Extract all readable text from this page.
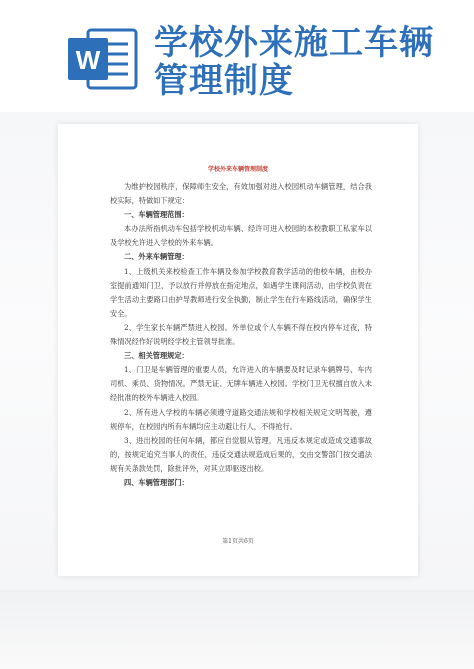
W 学校外来施工车辆
管理制度
学校外来车辆管理制度

为维护校园秩序，保障师生安全，有效加强对进入校园机动车辆管理，结合我校实际，特做如下规定：

一、车辆管理范围：

本办法所指机动车包括学校机动车辆、经许可进入校园的本校教职工私家车以及学校允许进入学校的外来车辆。

二、外来车辆管理：

1、上级机关来校检查工作车辆及参加学校教育教学活动的他校车辆，由校办室提前通知门卫，予以放行并停放在指定地点，如遇学生课间活动，由学校负责在学生活动主要路口由护导教师进行安全执勤，制止学生在行车路线活动，确保学生安全。

2、学生家长车辆严禁进入校园。外单位或个人车辆不得在校内停车过夜，特殊情况经作好说明经学校主管领导批准。

三、相关管理规定：

1、门卫是车辆管理的重要人员，允许进入的车辆要及时记录车辆牌号、车内司机、乘员、货物情况。严禁无证、无牌车辆进入校园。学校门卫无权擅自放入未经批准的校外车辆进入校园。

2、所有进入学校的车辆必须遵守道路交通法规和学校相关规定文明驾驶，遵规停车，在校园内所有车辆均应主动避让行人，不得抢行。

3、进出校园的任何车辆，都应自觉服从管理，凡违反本规定或造成交通事故的，按规定追究当事人的责任，违反交通法规造成后果的，交由交警部门按交通法规有关条款处罚，除批评外，对其立即驱逐出校。

四、车辆管理部门：

第1页共6页
